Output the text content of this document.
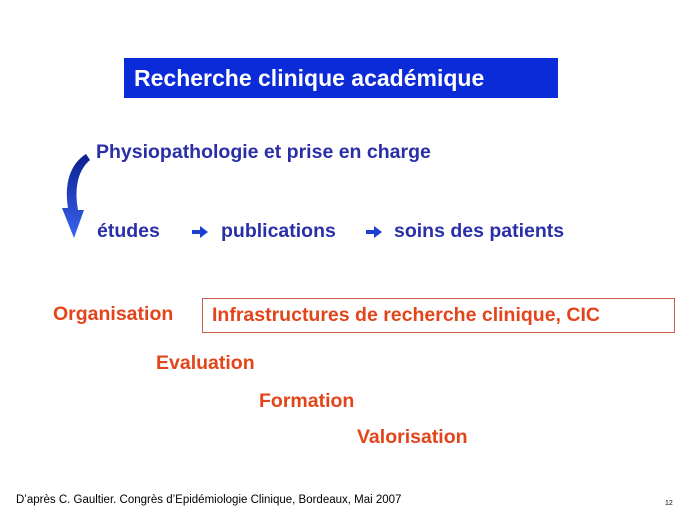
Recherche clinique académique
Physiopathologie et prise en charge
études	publications	soins des patients
Organisation	Infrastructures de recherche clinique, CIC
Evaluation
Formation
Valorisation
D’après C. Gaultier. Congrès d’Epidémiologie Clinique, Bordeaux, Mai 2007	12
